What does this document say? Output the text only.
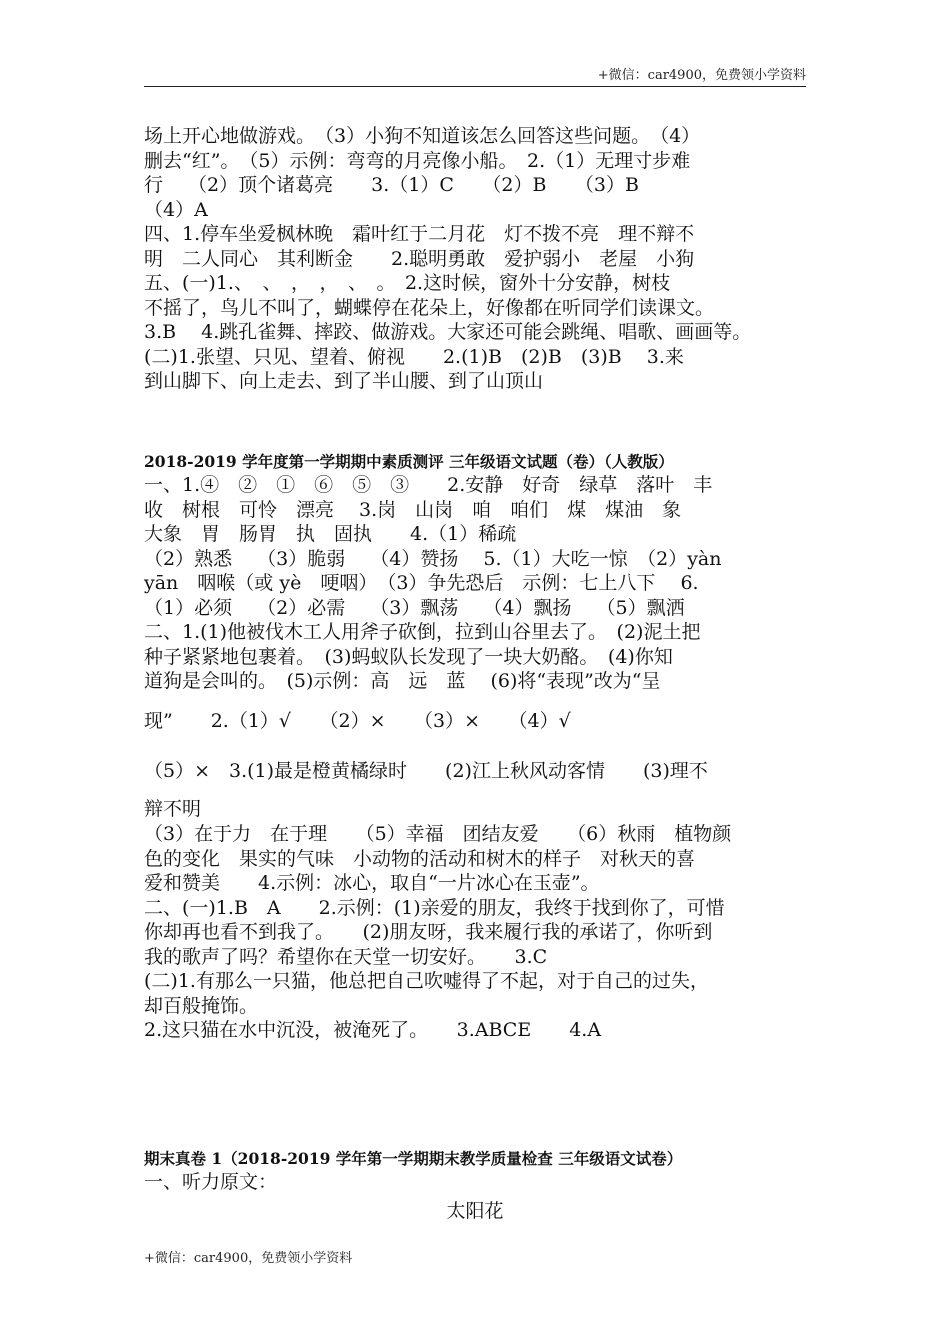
+微信：car4900，免费领小学资料
场上开心地做游戏。　（3）小狗不知道该怎么回答这些问题。　（4）
删去“红”。　（5）示例：弯弯的月亮像小船。　2.（1）无理寸步难
行　 （2）顶个诸葛亮　　3.（1）C　　（2）B　　（3）B
（4）A
四、1.停车坐爱枫林晚　霜叶红于二月花　灯不拨不亮　理不辩不
明　二人同心　其利断金　　2.聪明勇敢　爱护弱小　老屋　小狗
五、(一)1.、　、　，　，　、　。　2.这时候，窗外十分安静，树枝
不摇了，鸟儿不叫了，蝴蝶停在花朵上，好像都在听同学们读课文。
3.B　 4.跳孔雀舞、摔跤、做游戏。大家还可能会跳绳、唱歌、画画等。
(二)1.张望、只见、望着、俯视　　2.(1)B　(2)B　(3)B　 3.来
到山脚下、向上走去、到了半山腰、到了山顶山
2018-2019 学年度第一学期期中素质测评 三年级语文试题（卷）（人教版）
一、1.④　②　①　⑥　⑤　③　　2.安静　好奇　绿草　落叶　丰
收　树根　可怜　漂亮　 3.岗　山岗　咱　咱们　煤　煤油　象
大象　胃　肠胃　执　固执　　4.（1）稀疏
（2）熟悉　 （3）脆弱　 （4）赞扬　 5.（1）大吃一惊　（2）yàn
yān　咽喉（或 yè　哽咽）　（3）争先恐后　示例：七上八下　 6.
（1）必须　 （2）必需　 （3）飘荡　 （4）飘扬　 （5）飘洒
二、1.(1)他被伐木工人用斧子砍倒，拉到山谷里去了。　(2)泥土把
种子紧紧地包裹着。　(3)蚂蚁队长发现了一块大奶酪。　(4)你知
道狗是会叫的。　(5)示例：高　远　蓝　 (6)将“表现”改为“呈
现”　　2.（1）√　　（2）×　　（3）×　　（4）√
（5）×　3.(1)最是橙黄橘绿时　　(2)江上秋风动客情　　(3)理不
辩不明
（3）在于力　在于理　　（5）幸福　团结友爱　　（6）秋雨　植物颜
色的变化　果实的气味　小动物的活动和树木的样子　对秋天的喜
爱和赞美　　4.示例：冰心，取自“一片冰心在玉壶”。
二、(一)1.B　A　　2.示例：(1)亲爱的朋友，我终于找到你了，可惜
你却再也看不到我了。　　(2)朋友呀，我来履行我的承诺了，你听到
我的歌声了吗？希望你在天堂一切安好。　　3.C
(二)1.有那么一只猫，他总把自己吹嘘得了不起，对于自己的过失，
却百般掩饰。
2.这只猫在水中沉没，被淹死了。　　3.ABCE　　4.A
期末真卷 1（2018-2019 学年第一学期期末教学质量检查 三年级语文试卷）
一、听力原文：
太阳花
+微信：car4900，免费领小学资料
